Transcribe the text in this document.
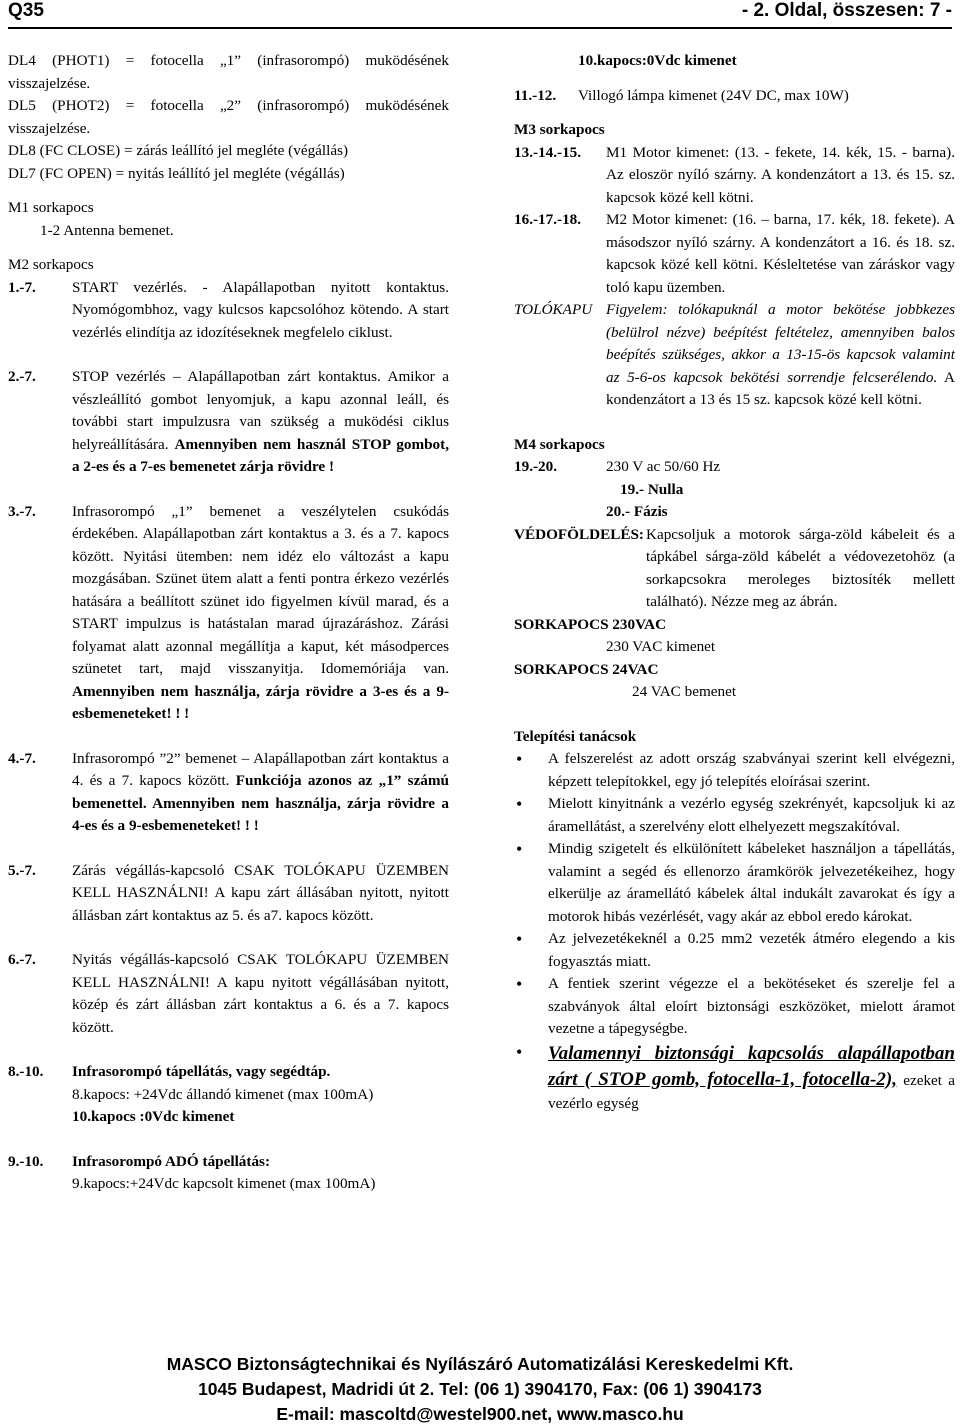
Q35	- 2. Oldal, összesen: 7 -

DL4 (PHOT1) = fotocella „1” (infrasorompó) muködésének visszajelzése.

DL5 (PHOT2) = fotocella „2” (infrasorompó) muködésének visszajelzése.

DL8 (FC CLOSE) = zárás leállító jel megléte (végállás)

DL7 (FC OPEN) = nyitás leállító jel megléte (végállás)

M1 sorkapocs

1-2 Antenna bemenet.

M2 sorkapocs

1.-7.	START vezérlés. - Alapállapotban nyitott kontaktus. Nyomógombhoz, vagy kulcsos kapcsolóhoz kötendo. A start vezérlés elindítja az idozítéseknek megfelelo ciklust.
2.-7.	STOP vezérlés – Alapállapotban zárt kontaktus. Amikor a vészleállító gombot lenyomjuk, a kapu azonnal leáll, és további start impulzusra van szükség a muködési ciklus helyreállítására. Amennyiben nem használ STOP gombot, a 2-es és a 7-es bemenetet zárja rövidre !
3.-7.	Infrasorompó „1” bemenet a veszélytelen csukódás érdekében. Alapállapotban zárt kontaktus a 3. és a 7. kapocs között. Nyitási ütemben: nem idéz elo változást a kapu mozgásában. Szünet ütem alatt a fenti pontra érkezo vezérlés hatására a beállított szünet ido figyelmen kívül marad, és a START impulzus is hatástalan marad újrazáráshoz. Zárási folyamat alatt azonnal megállítja a kaput, két másodperces szünetet tart, majd visszanyitja. Idomemóriája van. Amennyiben nem használja, zárja rövidre a 3-es és a 9-esbemeneteket! ! !
4.-7.	Infrasorompó ”2” bemenet – Alapállapotban zárt kontaktus a 4. és a 7. kapocs között. Funkciója azonos az „1” számú bemenettel. Amennyiben nem használja, zárja rövidre a 4-es és a 9-esbemeneteket! ! !
5.-7.	Zárás végállás-kapcsoló CSAK TOLÓKAPU ÜZEMBEN KELL HASZNÁLNI! A kapu zárt állásában nyitott, nyitott állásban zárt kontaktus az 5. és a7. kapocs között.
6.-7.	Nyitás végállás-kapcsoló CSAK TOLÓKAPU ÜZEMBEN KELL HASZNÁLNI! A kapu nyitott végállásában nyitott, közép és zárt állásban zárt kontaktus a 6. és a 7. kapocs között.
8.-10.	Infrasorompó tápellátás, vagy segédtáp.

8.kapocs: +24Vdc állandó kimenet (max 100mA)

10.kapocs :0Vdc kimenet

9.-10.	Infrasorompó ADÓ tápellátás:

9.kapocs:+24Vdc kapcsolt kimenet (max 100mA)

10.kapocs:0Vdc kimenet

11.-12.	Villogó lámpa kimenet (24V DC, max 10W)

M3 sorkapocs

13.-14.-15.	M1 Motor kimenet: (13. - fekete, 14. kék, 15. - barna). Az eloször nyíló szárny. A kondenzátort a 13. és 15. sz. kapcsok közé kell kötni.
16.-17.-18.	M2 Motor kimenet: (16. – barna, 17. kék, 18. fekete). A másodszor nyíló szárny. A kondenzátort a 16. és 18. sz. kapcsok közé kell kötni. Késleltetése van záráskor vagy toló kapu üzemben.
TOLÓKAPU Figyelem: tolókapuknál a motor bekötése jobbkezes (belülrol nézve) beépítést feltételez, amennyiben balos beépítés szükséges, akkor a 13-15-ös kapcsok valamint az 5-6-os kapcsok bekötési sorrendje felcserélendo. A kondenzátort a 13 és 15 sz. kapcsok közé kell kötni.

M4 sorkapocs

19.-20.	230 V ac 50/60 Hz

19.- Nulla

20.- Fázis

VÉDOFÖLDELÉS: Kapcsoljuk a motorok sárga-zöld kábeleit és a tápkábel sárga-zöld kábelét a védovezetohöz (a sorkapcsokra meroleges biztosíték mellett található). Nézze meg az ábrán.

SORKAPOCS 230VAC

230 VAC kimenet

SORKAPOCS 24VAC

24 VAC bemenet

Telepítési tanácsok

• A felszerelést az adott ország szabványai szerint kell elvégezni, képzett telepítokkel, egy jó telepítés eloírásai szerint.
• Mielott kinyitnánk a vezérlo egység szekrényét, kapcsoljuk ki az áramellátást, a szerelvény elott elhelyezett megszakítóval.
• Mindig szigetelt és elkülönített kábeleket használjon a tápellátás, valamint a segéd és ellenorzo áramkörök jelvezetékeihez, hogy elkerülje az áramellátó kábelek által indukált zavarokat és így a motorok hibás vezérlését, vagy akár az ebbol eredo károkat.
• Az jelvezetékeknél a 0.25 mm2 vezeték átméro elegendo a kis fogyasztás miatt.
• A fentiek szerint végezze el a bekötéseket és szerelje fel a szabványok által eloírt biztonsági eszközöket, mielott áramot vezetne a tápegységbe.
• Valamennyi biztonsági kapcsolás alapállapotban zárt ( STOP gomb, fotocella-1, fotocella-2), ezeket a vezérlo egység
MASCO Biztonságtechnikai és Nyílászáró Automatizálási Kereskedelmi Kft.
1045 Budapest, Madridi út 2. Tel: (06 1) 3904170, Fax: (06 1) 3904173
E-mail: mascoltd@westel900.net, www.masco.hu
